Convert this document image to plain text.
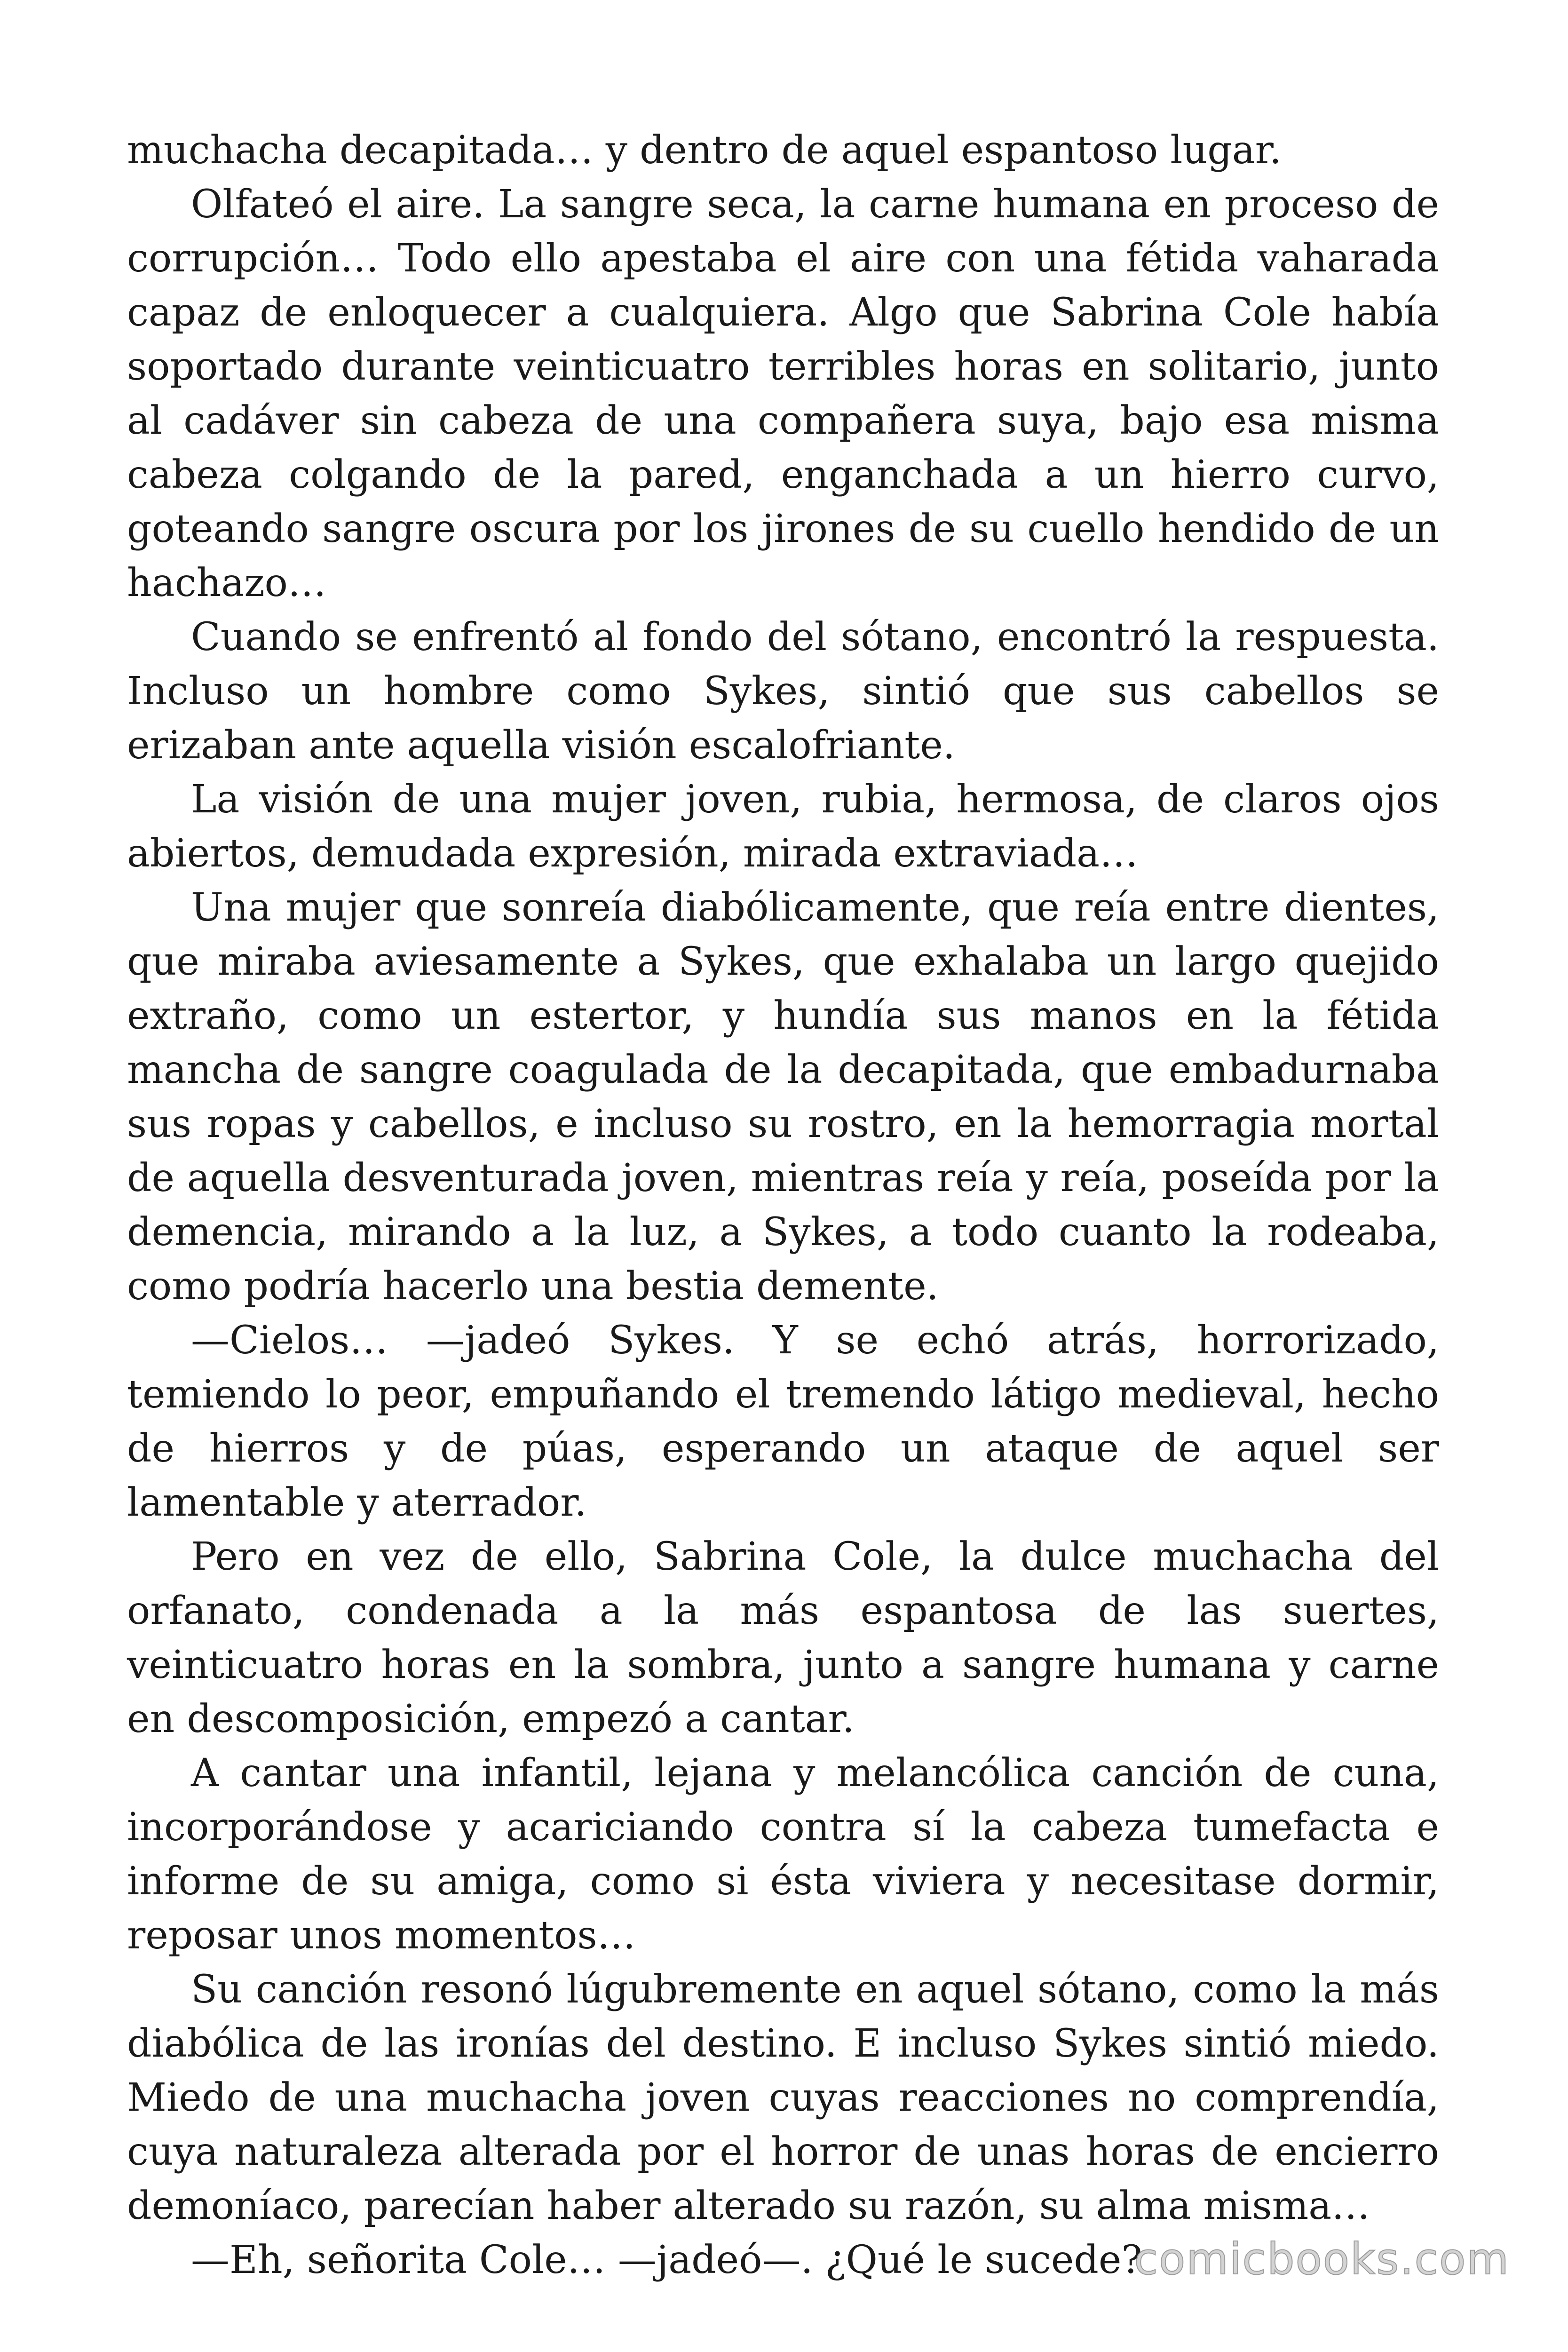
muchacha decapitada… y dentro de aquel espantoso lugar.

Olfateó el aire. La sangre seca, la carne humana en proceso de corrupción… Todo ello apestaba el aire con una fétida vaharada capaz de enloquecer a cualquiera. Algo que Sabrina Cole había soportado durante veinticuatro terribles horas en solitario, junto al cadáver sin cabeza de una compañera suya, bajo esa misma cabeza colgando de la pared, enganchada a un hierro curvo, goteando sangre oscura por los jirones de su cuello hendido de un hachazo…

Cuando se enfrentó al fondo del sótano, encontró la respuesta. Incluso un hombre como Sykes, sintió que sus cabellos se erizaban ante aquella visión escalofriante.

La visión de una mujer joven, rubia, hermosa, de claros ojos abiertos, demudada expresión, mirada extraviada…

Una mujer que sonreía diabólicamente, que reía entre dientes, que miraba aviesamente a Sykes, que exhalaba un largo quejido extraño, como un estertor, y hundía sus manos en la fétida mancha de sangre coagulada de la decapitada, que embadurnaba sus ropas y cabellos, e incluso su rostro, en la hemorragia mortal de aquella desventurada joven, mientras reía y reía, poseída por la demencia, mirando a la luz, a Sykes, a todo cuanto la rodeaba, como podría hacerlo una bestia demente.

—Cielos… —jadeó Sykes. Y se echó atrás, horrorizado, temiendo lo peor, empuñando el tremendo látigo medieval, hecho de hierros y de púas, esperando un ataque de aquel ser lamentable y aterrador.

Pero en vez de ello, Sabrina Cole, la dulce muchacha del orfanato, condenada a la más espantosa de las suertes, veinticuatro horas en la sombra, junto a sangre humana y carne en descomposición, empezó a cantar.

A cantar una infantil, lejana y melancólica canción de cuna, incorporándose y acariciando contra sí la cabeza tumefacta e informe de su amiga, como si ésta viviera y necesitase dormir, reposar unos momentos…

Su canción resonó lúgubremente en aquel sótano, como la más diabólica de las ironías del destino. E incluso Sykes sintió miedo. Miedo de una muchacha joven cuyas reacciones no comprendía, cuya naturaleza alterada por el horror de unas horas de encierro demoníaco, parecían haber alterado su razón, su alma misma…

—Eh, señorita Cole… —jadeó—. ¿Qué le sucede?

comicbooks.com
